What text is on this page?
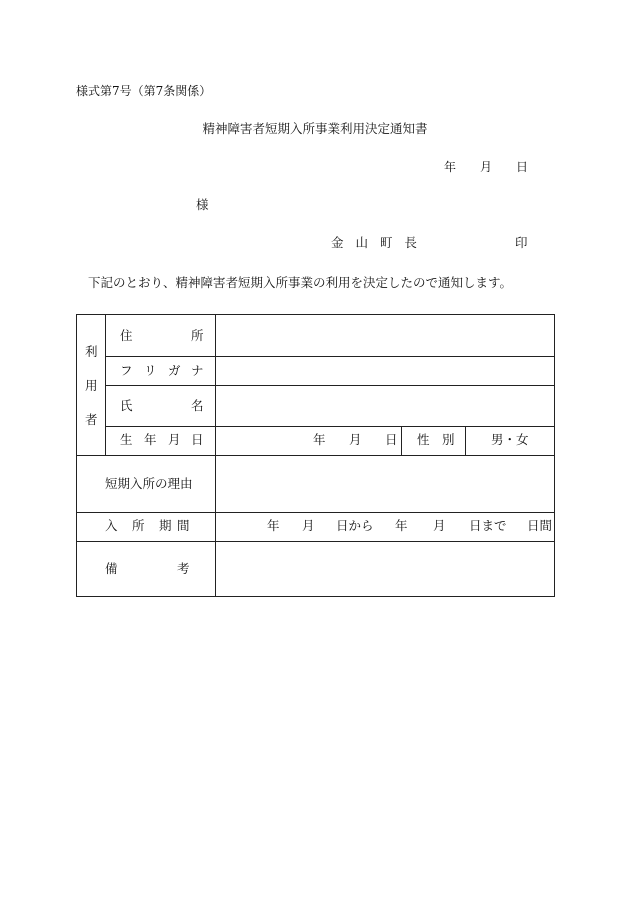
様式第7号（第7条関係）
精神障害者短期入所事業利用決定通知書
年 月 日
様
金 山 町 長	印
下記のとおり、精神障害者短期入所事業の利用を決定したので通知します。
利
用
者
住	所
フ リ ガ ナ
氏	名
生 年 月 日	年 月 日 性　別	男・女
短期入所の理由
入 所 期 間	年 月 日から 年 月 日まで 日間
備	考
